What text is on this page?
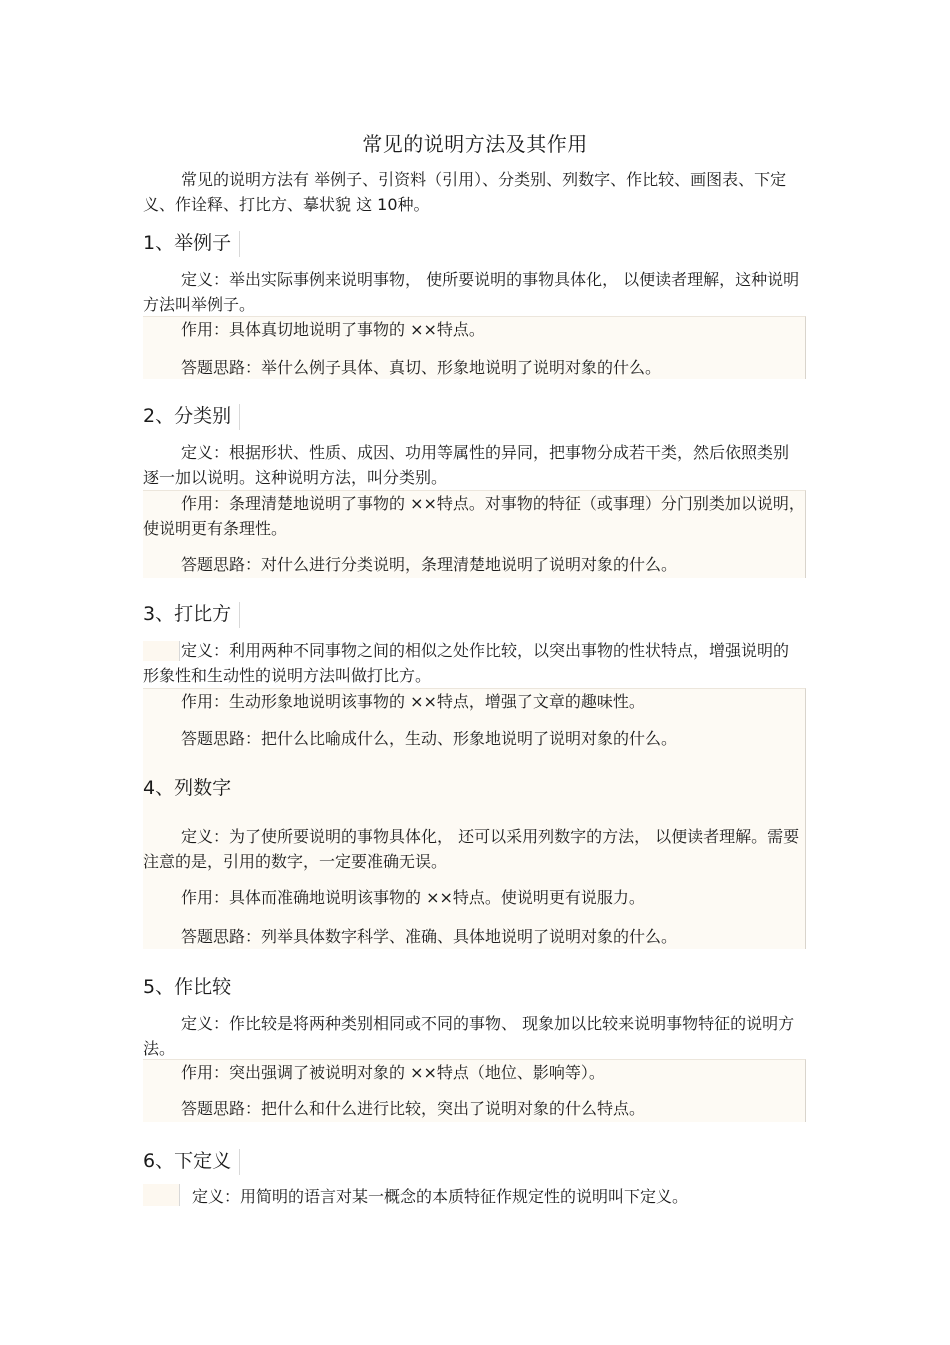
常见的说明方法及其作用
常见的说明方法有 举例子、引资料（引用）、分类别、列数字、作比较、画图表、下定义、作诠释、打比方、摹状貌 这 10种。
1、举例子
定义：举出实际事例来说明事物， 使所要说明的事物具体化， 以便读者理解，这种说明方法叫举例子。
作用：具体真切地说明了事物的 ××特点。
答题思路：举什么例子具体、真切、形象地说明了说明对象的什么。
2、分类别
定义：根据形状、性质、成因、功用等属性的异同，把事物分成若干类，然后依照类别逐一加以说明。这种说明方法，叫分类别。
作用：条理清楚地说明了事物的 ××特点。对事物的特征（或事理）分门别类加以说明，使说明更有条理性。
答题思路：对什么进行分类说明，条理清楚地说明了说明对象的什么。
3、打比方
定义：利用两种不同事物之间的相似之处作比较，以突出事物的性状特点，增强说明的形象性和生动性的说明方法叫做打比方。
作用：生动形象地说明该事物的 ××特点，增强了文章的趣味性。
答题思路：把什么比喻成什么，生动、形象地说明了说明对象的什么。
4、列数字
定义：为了使所要说明的事物具体化， 还可以采用列数字的方法， 以便读者理解。需要注意的是，引用的数字，一定要准确无误。
作用：具体而准确地说明该事物的 ××特点。使说明更有说服力。
答题思路：列举具体数字科学、准确、具体地说明了说明对象的什么。
5、作比较
定义：作比较是将两种类别相同或不同的事物、 现象加以比较来说明事物特征的说明方法。
作用：突出强调了被说明对象的 ××特点（地位、影响等）。
答题思路：把什么和什么进行比较，突出了说明对象的什么特点。
6、下定义
定义：用简明的语言对某一概念的本质特征作规定性的说明叫下定义。
